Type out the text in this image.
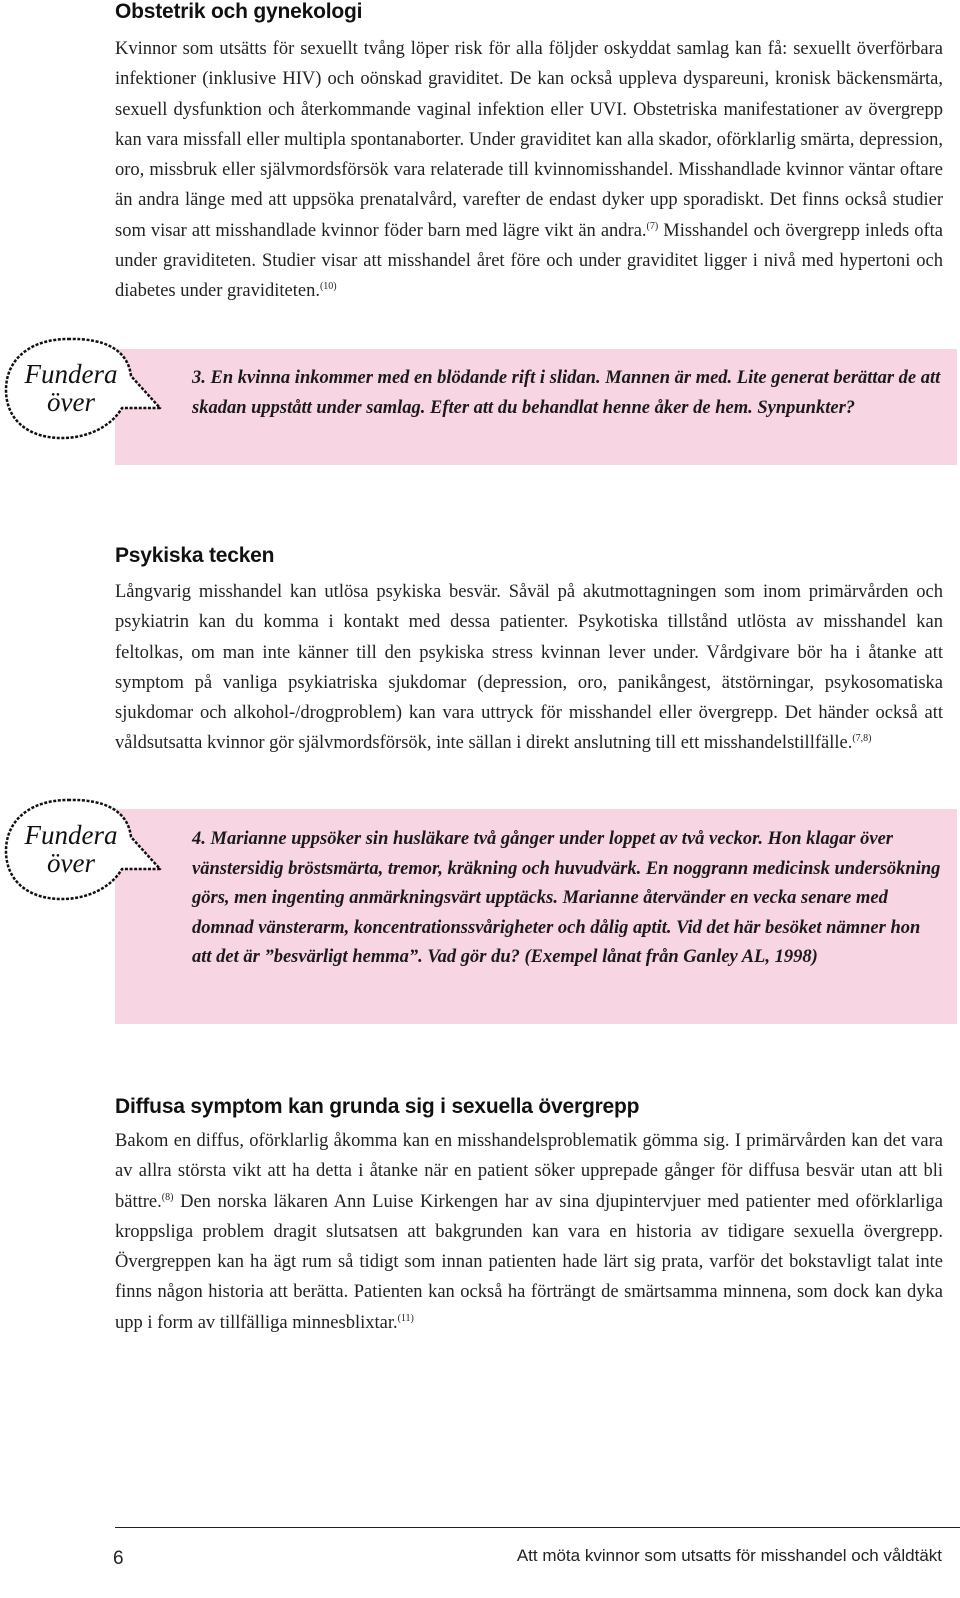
Obstetrik och gynekologi

Kvinnor som utsätts för sexuellt tvång löper risk för alla följder oskyddat samlag kan få: sexuellt överförbara infektioner (inklusive HIV) och oönskad graviditet. De kan också uppleva dyspareuni, kronisk bäckensmärta, sexuell dysfunktion och återkommande vaginal infektion eller UVI. Obstetriska manifestationer av övergrepp kan vara missfall eller multipla spontanaborter. Under graviditet kan alla skador, oförklarlig smärta, depression, oro, missbruk eller självmordsförsök vara relaterade till kvinnomisshandel. Misshandlade kvinnor väntar oftare än andra länge med att uppsöka prenatalvård, varefter de endast dyker upp sporadiskt. Det finns också studier som visar att misshandlade kvinnor föder barn med lägre vikt än andra.$^{(7)}$ Misshandel och övergrepp inleds ofta under graviditeten. Studier visar att misshandel året före och under graviditet ligger i nivå med hypertoni och diabetes under graviditeten.$^{(10)}$

Fundera
över

3. En kvinna inkommer med en blödande rift i slidan. Mannen är med. Lite generat berättar de att skadan uppstått under samlag. Efter att du behandlat henne åker de hem. Synpunkter?

Psykiska tecken

Långvarig misshandel kan utlösa psykiska besvär. Såväl på akutmottagningen som inom primärvården och psykiatrin kan du komma i kontakt med dessa patienter. Psykotiska tillstånd utlösta av misshandel kan feltolkas, om man inte känner till den psykiska stress kvinnan lever under. Vårdgivare bör ha i åtanke att symptom på vanliga psykiatriska sjukdomar (depression, oro, panikångest, ätstörningar, psykosomatiska sjukdomar och alkohol-/drogproblem) kan vara uttryck för misshandel eller övergrepp. Det händer också att våldsutsatta kvinnor gör självmordsförsök, inte sällan i direkt anslutning till ett misshandelstillfälle.$^{(7,8)}$

Fundera
över

4. Marianne uppsöker sin husläkare två gånger under loppet av två veckor. Hon klagar över vänstersidig bröstsmärta, tremor, kräkning och huvudvärk. En noggrann medicinsk undersökning görs, men ingenting anmärkningsvärt upptäcks. Marianne återvänder en vecka senare med domnad vänsterarm, koncentrationssvårigheter och dålig aptit. Vid det här besöket nämner hon att det är ”besvärligt hemma”. Vad gör du? (Exempel lånat från Ganley AL, 1998)

Diffusa symptom kan grunda sig i sexuella övergrepp

Bakom en diffus, oförklarlig åkomma kan en misshandelsproblematik gömma sig. I primärvården kan det vara av allra största vikt att ha detta i åtanke när en patient söker upprepade gånger för diffusa besvär utan att bli bättre.$^{(8)}$ Den norska läkaren Ann Luise Kirkengen har av sina djupintervjuer med patienter med oförklarliga kroppsliga problem dragit slutsatsen att bakgrunden kan vara en historia av tidigare sexuella övergrepp. Övergreppen kan ha ägt rum så tidigt som innan patienten hade lärt sig prata, varför det bokstavligt talat inte finns någon historia att berätta. Patienten kan också ha förträngt de smärtsamma minnena, som dock kan dyka upp i form av tillfälliga minnesblixtar.$^{(11)}$

6	Att möta kvinnor som utsatts för misshandel och våldtäkt
